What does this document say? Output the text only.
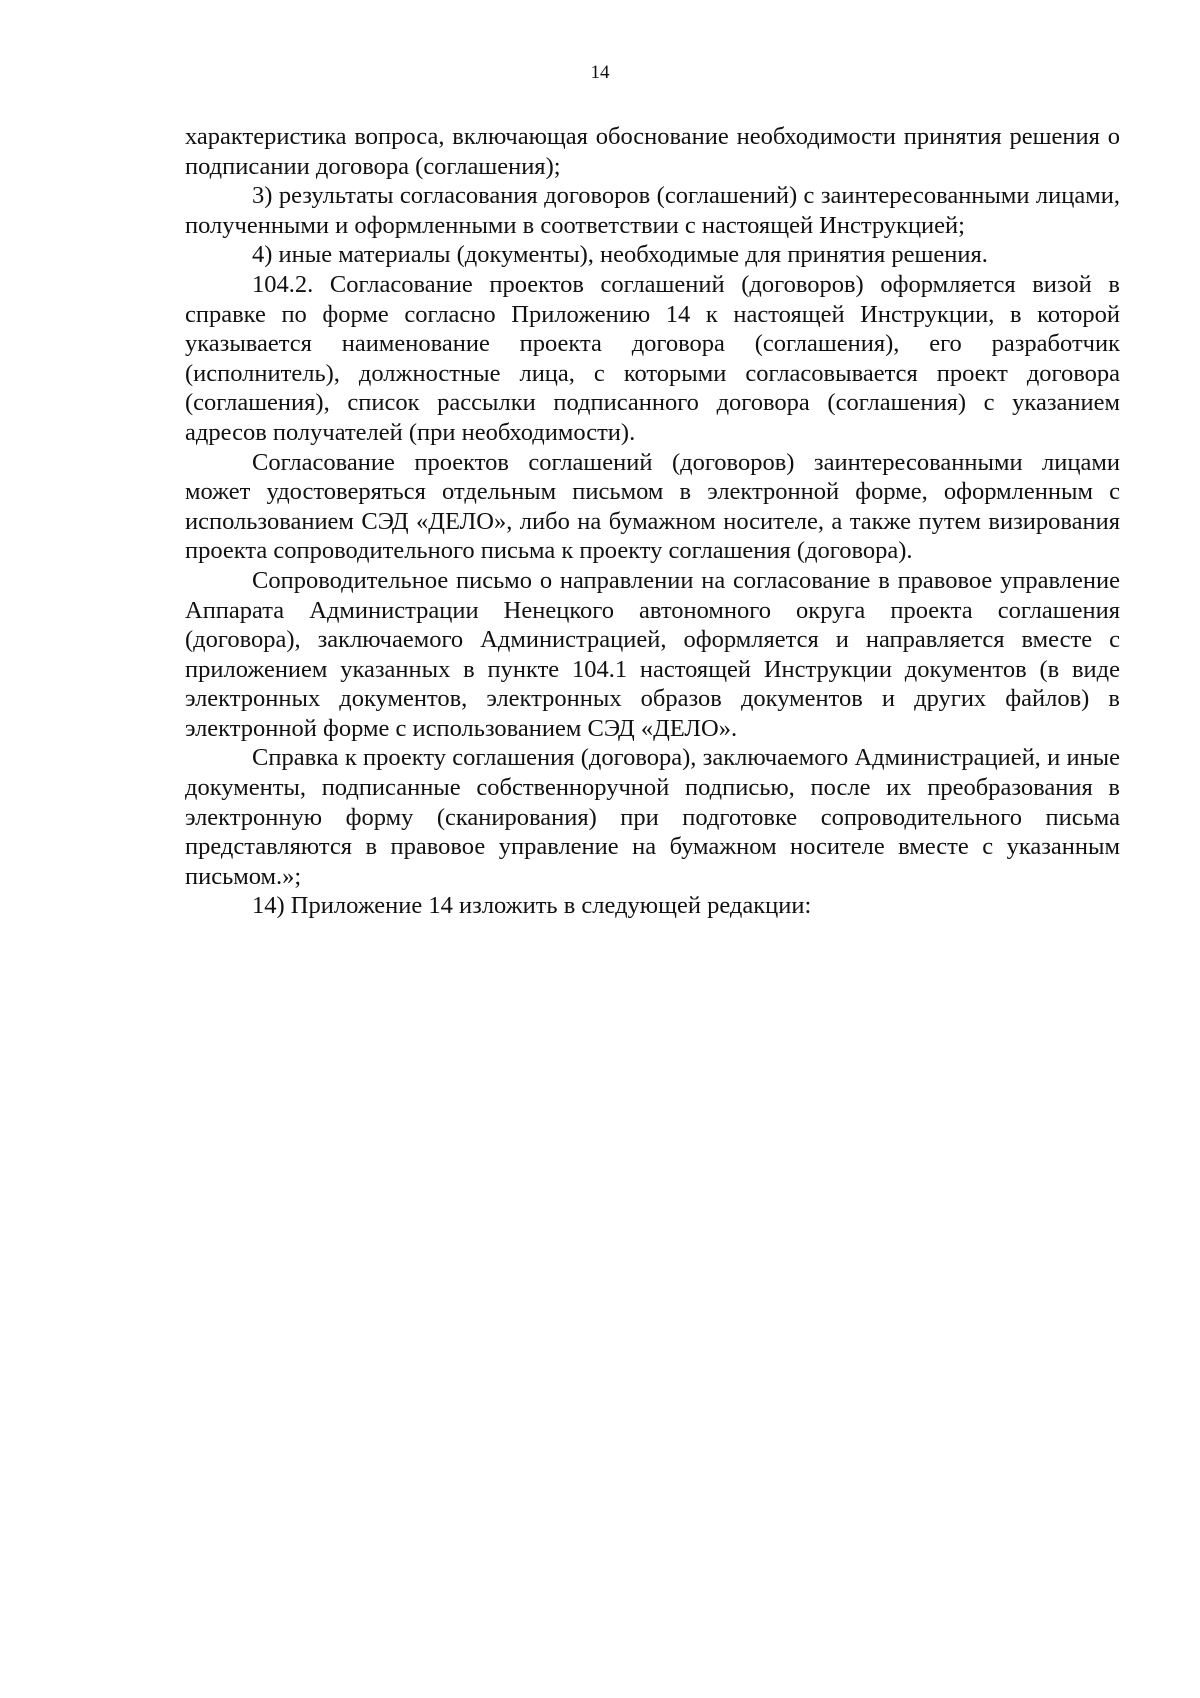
14

характеристика вопроса, включающая обоснование необходимости принятия решения о подписании договора (соглашения);

3) результаты согласования договоров (соглашений) с заинтересованными лицами, полученными и оформленными в соответствии с настоящей Инструкцией;

4) иные материалы (документы), необходимые для принятия решения.

104.2. Согласование проектов соглашений (договоров) оформляется визой в справке по форме согласно Приложению 14 к настоящей Инструкции, в которой указывается наименование проекта договора (соглашения), его разработчик (исполнитель), должностные лица, с которыми согласовывается проект договора (соглашения), список рассылки подписанного договора (соглашения) с указанием адресов получателей (при необходимости).

Согласование проектов соглашений (договоров) заинтересованными лицами может удостоверяться отдельным письмом в электронной форме, оформленным с использованием СЭД «ДЕЛО», либо на бумажном носителе, а также путем визирования проекта сопроводительного письма к проекту соглашения (договора).

Сопроводительное письмо о направлении на согласование в правовое управление Аппарата Администрации Ненецкого автономного округа проекта соглашения (договора), заключаемого Администрацией, оформляется и направляется вместе с приложением указанных в пункте 104.1 настоящей Инструкции документов (в виде электронных документов, электронных образов документов и других файлов) в электронной форме с использованием СЭД «ДЕЛО».

Справка к проекту соглашения (договора), заключаемого Администрацией, и иные документы, подписанные собственноручной подписью, после их преобразования в электронную форму (сканирования) при подготовке сопроводительного письма представляются в правовое управление на бумажном носителе вместе с указанным письмом.»;

14) Приложение 14 изложить в следующей редакции:
